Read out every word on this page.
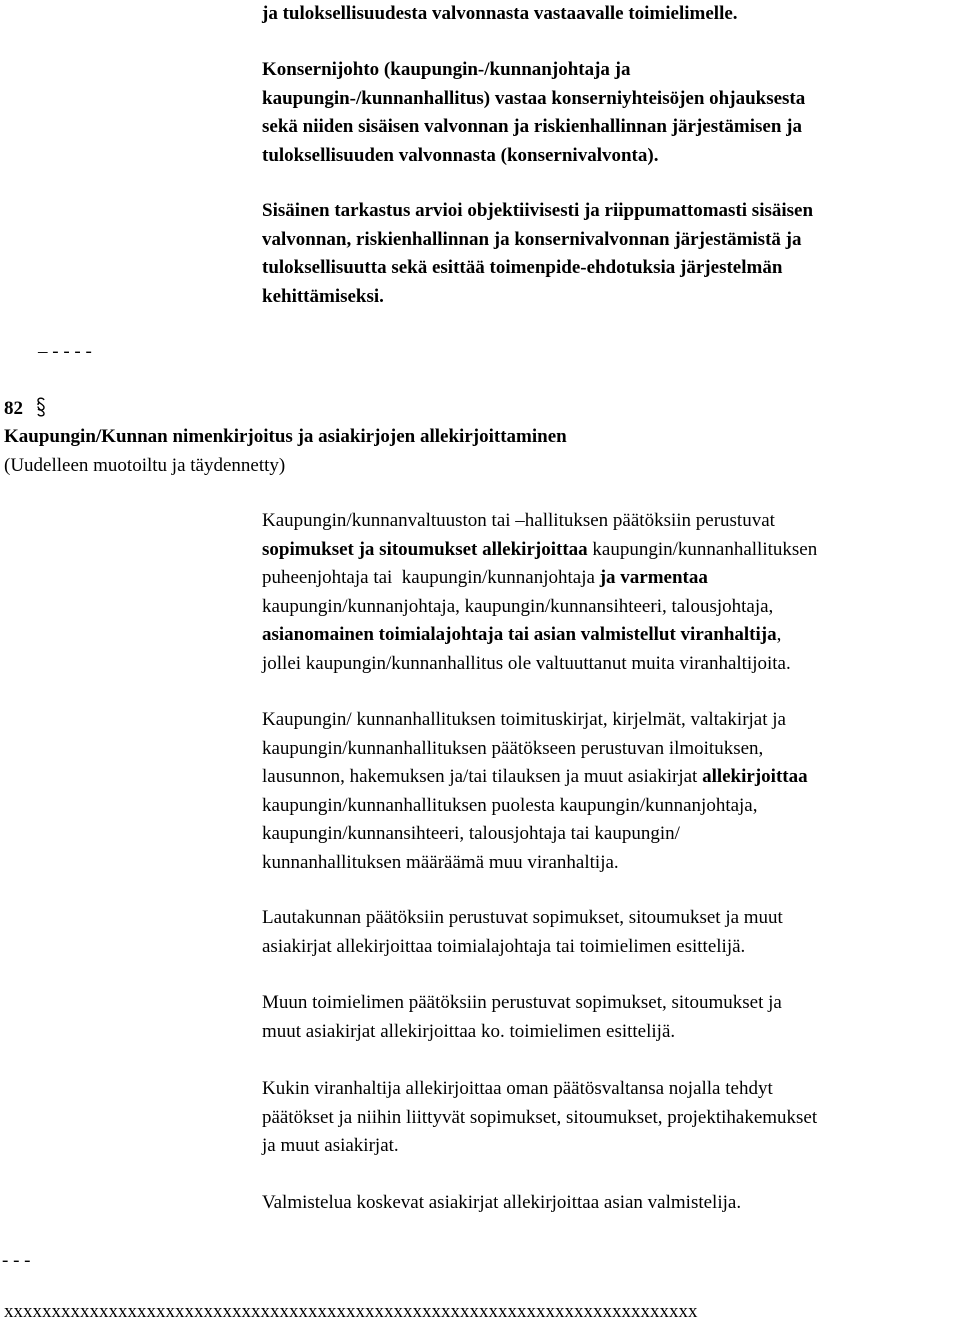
ja tuloksellisuudesta valvonnasta vastaavalle toimielimelle.
Konsernijohto (kaupungin-/kunnanjohtaja ja
kaupungin-/kunnanhallitus) vastaa konserniyhteisöjen ohjauksesta
sekä niiden sisäisen valvonnan ja riskienhallinnan järjestämisen ja
tuloksellisuuden valvonnasta (konsernivalvonta).
Sisäinen tarkastus arvioi objektiivisesti ja riippumattomasti sisäisen
valvonnan, riskienhallinnan ja konsernivalvonnan järjestämistä ja
tuloksellisuutta sekä esittää toimenpide-ehdotuksia järjestelmän
kehittämiseksi.
– - - - -
82
Kaupungin/Kunnan nimenkirjoitus ja asiakirjojen allekirjoittaminen
(Uudelleen muotoiltu ja täydennetty)
Kaupungin/kunnanvaltuuston tai –hallituksen päätöksiin perustuvat
sopimukset ja sitoumukset allekirjoittaa kaupungin/kunnanhallituksen
puheenjohtaja tai  kaupungin/kunnanjohtaja ja varmentaa
kaupungin/kunnanjohtaja, kaupungin/kunnansihteeri, talousjohtaja,
asianomainen toimialajohtaja tai asian valmistellut viranhaltija,
jollei kaupungin/kunnanhallitus ole valtuuttanut muita viranhaltijoita.
Kaupungin/ kunnanhallituksen toimituskirjat, kirjelmät, valtakirjat ja
kaupungin/kunnanhallituksen päätökseen perustuvan ilmoituksen,
lausunnon, hakemuksen ja/tai tilauksen ja muut asiakirjat allekirjoittaa
kaupungin/kunnanhallituksen puolesta kaupungin/kunnanjohtaja,
kaupungin/kunnansihteeri, talousjohtaja tai kaupungin/
kunnanhallituksen määräämä muu viranhaltija.
Lautakunnan päätöksiin perustuvat sopimukset, sitoumukset ja muut
asiakirjat allekirjoittaa toimialajohtaja tai toimielimen esittelijä.
Muun toimielimen päätöksiin perustuvat sopimukset, sitoumukset ja
muut asiakirjat allekirjoittaa ko. toimielimen esittelijä.
Kukin viranhaltija allekirjoittaa oman päätösvaltansa nojalla tehdyt
päätökset ja niihin liittyvät sopimukset, sitoumukset, projektihakemukset
ja muut asiakirjat.
Valmistelua koskevat asiakirjat allekirjoittaa asian valmistelija.
- - -
xxxxxxxxxxxxxxxxxxxxxxxxxxxxxxxxxxxxxxxxxxxxxxxxxxxxxxxxxxxxxxxxxxxxxxxxx
